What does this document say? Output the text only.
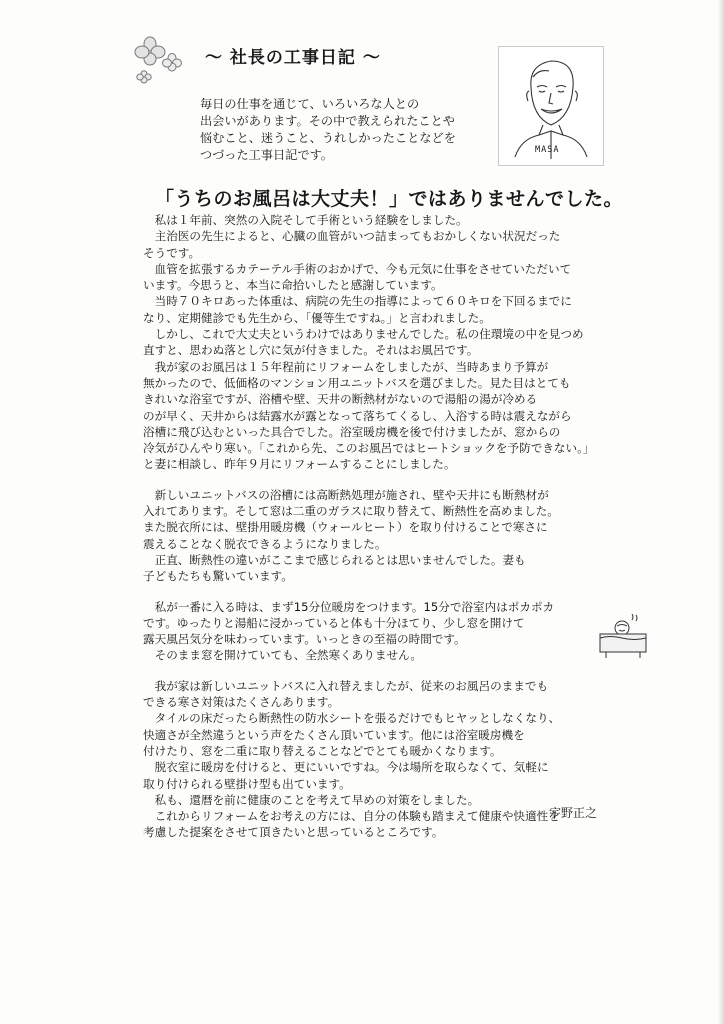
～ 社長の工事日記 ～
毎日の仕事を通じて、いろいろな人との
出会いがあります。その中で教えられたことや
悩むこと、迷うこと、うれしかったことなどを
つづった工事日記です。	MASA
「うちのお風呂は大丈夫！」ではありませんでした。
　私は１年前、突然の入院そして手術という経験をしました。
　主治医の先生によると、心臓の血管がいつ詰まってもおかしくない状況だった
そうです。
　血管を拡張するカテーテル手術のおかげで、今も元気に仕事をさせていただいて
います。今思うと、本当に命拾いしたと感謝しています。
　当時７０キロあった体重は、病院の先生の指導によって６０キロを下回るまでに
なり、定期健診でも先生から、「優等生ですね。」と言われました。
　しかし、これで大丈夫というわけではありませんでした。私の住環境の中を見つめ
直すと、思わぬ落とし穴に気が付きました。それはお風呂です。
　我が家のお風呂は１５年程前にリフォームをしましたが、当時あまり予算が
無かったので、低価格のマンション用ユニットバスを選びました。見た目はとても
きれいな浴室ですが、浴槽や壁、天井の断熱材がないので湯船の湯が冷める
のが早く、天井からは結露水が露となって落ちてくるし、入浴する時は震えながら
浴槽に飛び込むといった具合でした。浴室暖房機を後で付けましたが、窓からの
冷気がひんやり寒い。「これから先、このお風呂ではヒートショックを予防できない。」
と妻に相談し、昨年９月にリフォームすることにしました。
　新しいユニットバスの浴槽には高断熱処理が施され、壁や天井にも断熱材が
入れてあります。そして窓は二重のガラスに取り替えて、断熱性を高めました。
また脱衣所には、壁掛用暖房機（ウォールヒート）を取り付けることで寒さに
震えることなく脱衣できるようになりました。
　正直、断熱性の違いがここまで感じられるとは思いませんでした。妻も
子どもたちも驚いています。
　私が一番に入る時は、まず15分位暖房をつけます。15分で浴室内はポカポカ
です。ゆったりと湯船に浸かっていると体も十分ほてり、少し窓を開けて
露天風呂気分を味わっています。いっときの至福の時間です。
　そのまま窓を開けていても、全然寒くありません。
　我が家は新しいユニットバスに入れ替えましたが、従来のお風呂のままでも
できる寒さ対策はたくさんあります。
　タイルの床だったら断熱性の防水シートを張るだけでもヒヤッとしなくなり、
快適さが全然違うという声をたくさん頂いています。他には浴室暖房機を
付けたり、窓を二重に取り替えることなどでとても暖かくなります。
　脱衣室に暖房を付けると、更にいいですね。今は場所を取らなくて、気軽に
取り付けられる壁掛け型も出ています。
　私も、還暦を前に健康のことを考えて早めの対策をしました。
　これからリフォームをお考えの方には、自分の体験も踏まえて健康や快適性を
考慮した提案をさせて頂きたいと思っているところです。
宇野正之
